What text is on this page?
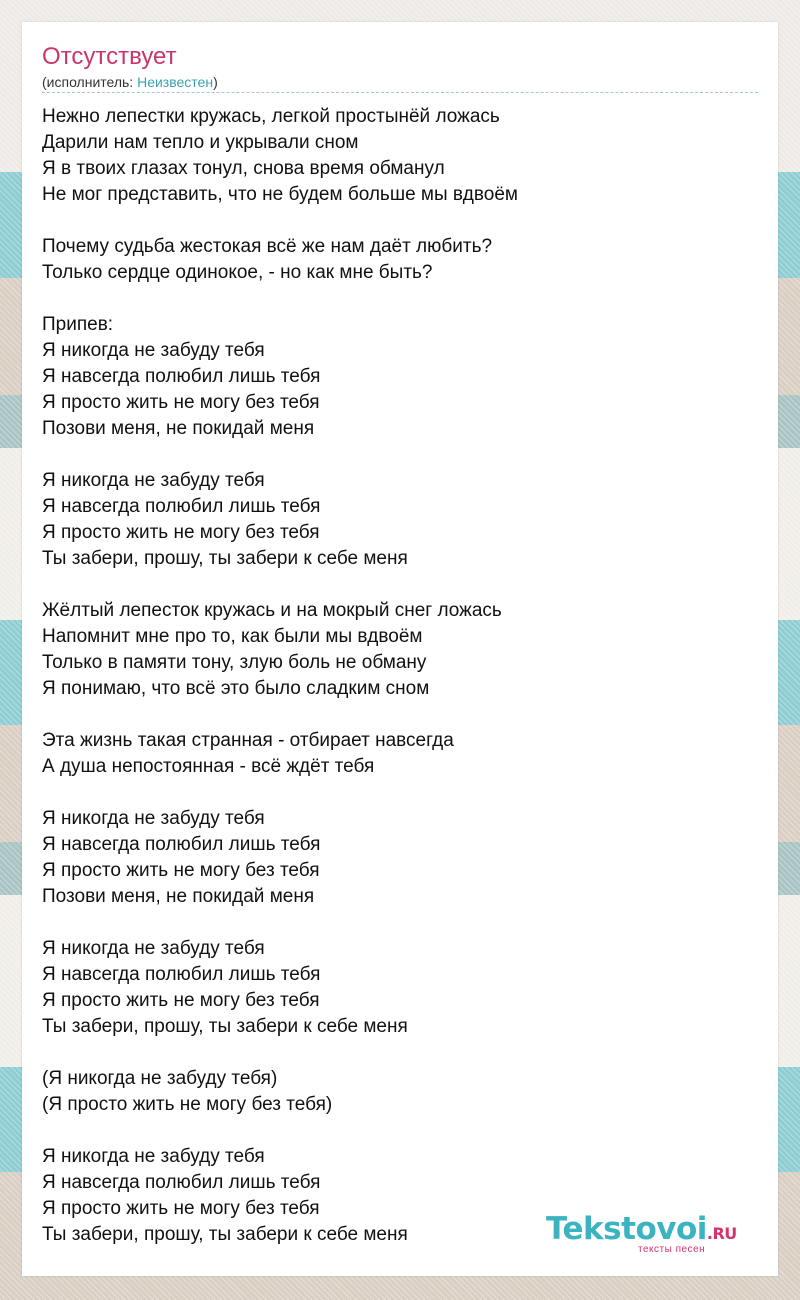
Отсутствует
(исполнитель: Неизвестен)
Нежно лепестки кружась, легкой простынёй ложась
Дарили нам тепло и укрывали сном
Я в твоих глазах тонул, снова время обманул
Не мог представить, что не будем больше мы вдвоём
Почему судьба жестокая всё же нам даёт любить?
Только сердце одинокое, - но как мне быть?
Припев:
Я никогда не забуду тебя
Я навсегда полюбил лишь тебя
Я просто жить не могу без тебя
Позови меня, не покидай меня
Я никогда не забуду тебя
Я навсегда полюбил лишь тебя
Я просто жить не могу без тебя
Ты забери, прошу, ты забери к себе меня
Жёлтый лепесток кружась и на мокрый снег ложась
Напомнит мне про то, как были мы вдвоём
Только в памяти тону, злую боль не обману
Я понимаю, что всё это было сладким сном
Эта жизнь такая странная - отбирает навсегда
А душа непостоянная - всё ждёт тебя
Я никогда не забуду тебя
Я навсегда полюбил лишь тебя
Я просто жить не могу без тебя
Позови меня, не покидай меня
Я никогда не забуду тебя
Я навсегда полюбил лишь тебя
Я просто жить не могу без тебя
Ты забери, прошу, ты забери к себе меня
(Я никогда не забуду тебя)
(Я просто жить не могу без тебя)
Я никогда не забуду тебя
Я навсегда полюбил лишь тебя
Я просто жить не могу без тебя
Ты забери, прошу, ты забери к себе меня	Tekstovoi.RU
тексты песен
